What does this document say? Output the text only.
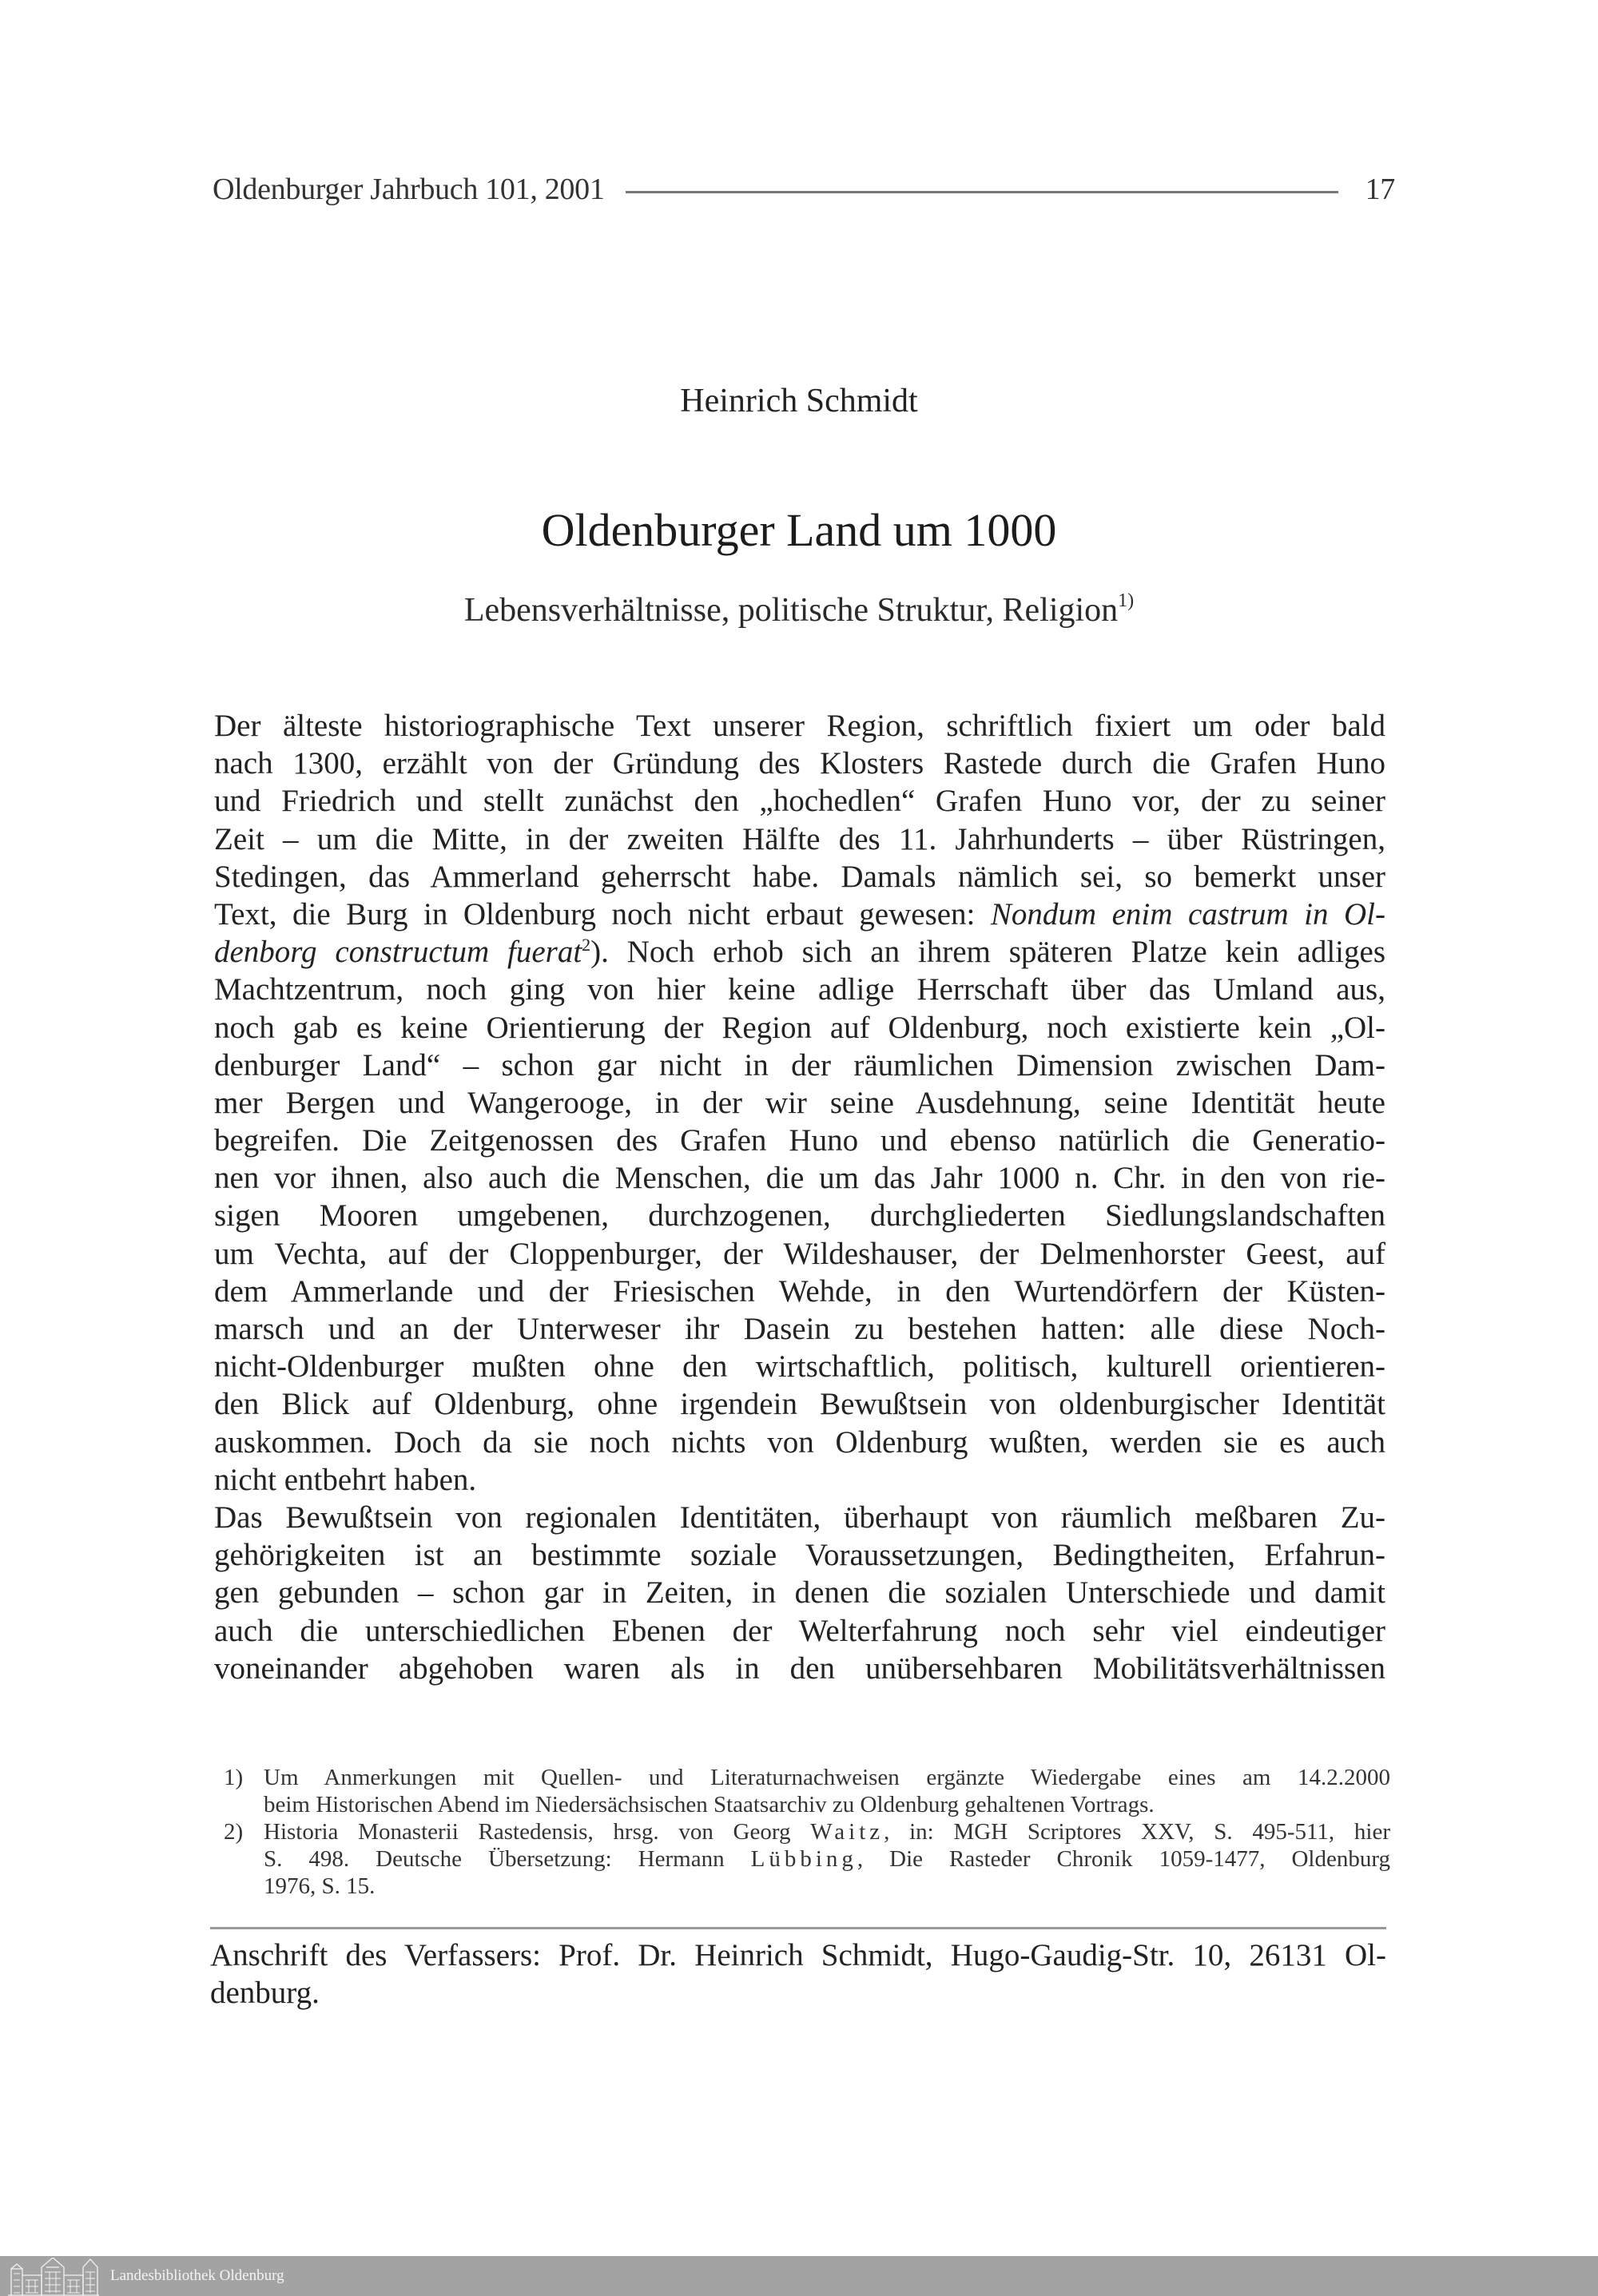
Oldenburger Jahrbuch 101, 2001	17
Heinrich Schmidt
Oldenburger Land um 1000
Lebensverhältnisse, politische Struktur, Religion$^{1)}$
Der älteste historiographische Text unserer Region, schriftlich fixiert um oder bald
nach 1300, erzählt von der Gründung des Klosters Rastede durch die Grafen Huno
und Friedrich und stellt zunächst den „hochedlen“ Grafen Huno vor, der zu seiner
Zeit – um die Mitte, in der zweiten Hälfte des 11. Jahrhunderts – über Rüstringen,
Stedingen, das Ammerland geherrscht habe. Damals nämlich sei, so bemerkt unser
Text, die Burg in Oldenburg noch nicht erbaut gewesen: Nondum enim castrum in Ol-
denborg constructum fuerat$^2$). Noch erhob sich an ihrem späteren Platze kein adliges
Machtzentrum, noch ging von hier keine adlige Herrschaft über das Umland aus,
noch gab es keine Orientierung der Region auf Oldenburg, noch existierte kein „Ol-
denburger Land“ – schon gar nicht in der räumlichen Dimension zwischen Dam-
mer Bergen und Wangerooge, in der wir seine Ausdehnung, seine Identität heute
begreifen. Die Zeitgenossen des Grafen Huno und ebenso natürlich die Generatio-
nen vor ihnen, also auch die Menschen, die um das Jahr 1000 n. Chr. in den von rie-
sigen Mooren umgebenen, durchzogenen, durchgliederten Siedlungslandschaften
um Vechta, auf der Cloppenburger, der Wildeshauser, der Delmenhorster Geest, auf
dem Ammerlande und der Friesischen Wehde, in den Wurtendörfern der Küsten-
marsch und an der Unterweser ihr Dasein zu bestehen hatten: alle diese Noch-
nicht-Oldenburger mußten ohne den wirtschaftlich, politisch, kulturell orientieren-
den Blick auf Oldenburg, ohne irgendein Bewußtsein von oldenburgischer Identität
auskommen. Doch da sie noch nichts von Oldenburg wußten, werden sie es auch
nicht entbehrt haben.
Das Bewußtsein von regionalen Identitäten, überhaupt von räumlich meßbaren Zu-
gehörigkeiten ist an bestimmte soziale Voraussetzungen, Bedingtheiten, Erfahrun-
gen gebunden – schon gar in Zeiten, in denen die sozialen Unterschiede und damit
auch die unterschiedlichen Ebenen der Welterfahrung noch sehr viel eindeutiger
voneinander abgehoben waren als in den unübersehbaren Mobilitätsverhältnissen
1) Um Anmerkungen mit Quellen- und Literaturnachweisen ergänzte Wiedergabe eines am 14.2.2000
beim Historischen Abend im Niedersächsischen Staatsarchiv zu Oldenburg gehaltenen Vortrags.
2) Historia Monasterii Rastedensis, hrsg. von Georg Waitz, in: MGH Scriptores XXV, S. 495-511, hier
S. 498. Deutsche Übersetzung: Hermann Lübbing, Die Rasteder Chronik 1059-1477, Oldenburg
1976, S. 15.
Anschrift des Verfassers: Prof. Dr. Heinrich Schmidt, Hugo-Gaudig-Str. 10, 26131 Ol-
denburg.
Landesbibliothek Oldenburg
